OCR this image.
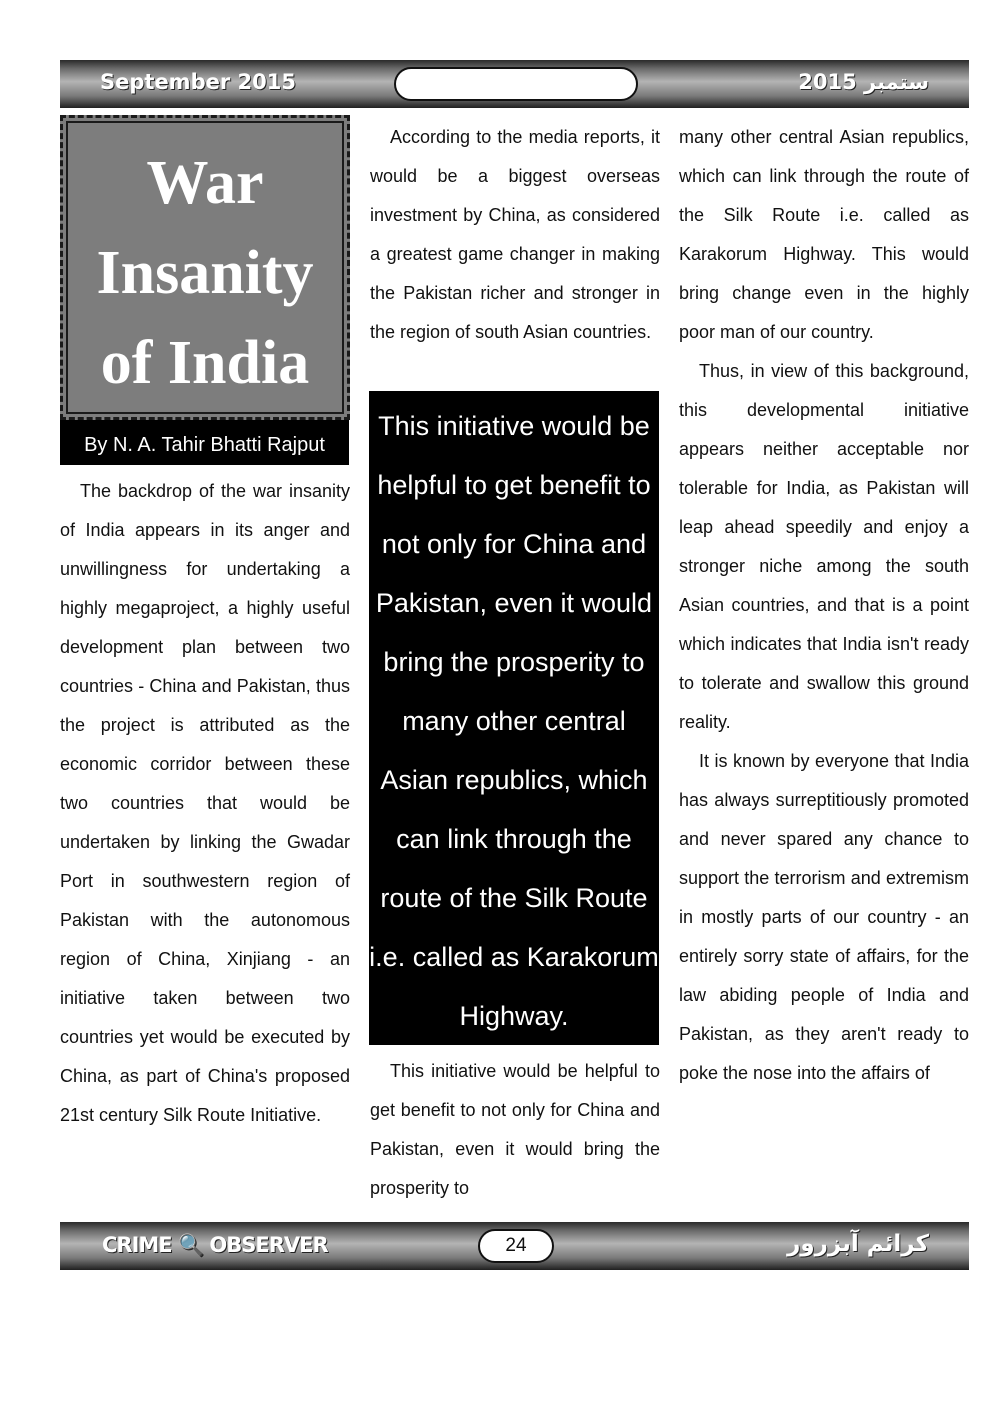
September 2015	2015 ستمبر
War
Insanity
of India
By N. A. Tahir Bhatti Rajput

The backdrop of the war insanity of India appears in its anger and unwillingness for undertaking a highly megaproject, a highly useful development plan between two countries - China and Pakistan, thus the project is attributed as the economic corridor between these two countries that would be undertaken by linking the Gwadar Port in southwestern region of Pakistan with the autonomous region of China, Xinjiang - an initiative taken between two countries yet would be executed by China, as part of China's proposed 21st century Silk Route Initiative.

According to the media reports, it would be a biggest overseas investment by China, as considered a greatest game changer in making the Pakistan richer and stronger in the region of south Asian countries.

This initiative would be helpful to get benefit to not only for China and Pakistan, even it would bring the prosperity to many other central Asian republics, which can link through the route of the Silk Route i.e. called as Karakorum Highway.

This initiative would be helpful to get benefit to not only for China and Pakistan, even it would bring the prosperity to

many other central Asian republics, which can link through the route of the Silk Route i.e. called as Karakorum Highway. This would bring change even in the highly poor man of our country.

Thus, in view of this background, this developmental initiative appears neither acceptable nor tolerable for India, as Pakistan will leap ahead speedily and enjoy a stronger niche among the south Asian countries, and that is a point which indicates that India isn't ready to tolerate and swallow this ground reality.

It is known by everyone that India has always surreptitiously promoted and never spared any chance to support the terrorism and extremism in mostly parts of our country - an entirely sorry state of affairs, for the law abiding people of India and Pakistan, as they aren't ready to poke the nose into the affairs of

CRIME 🔍 OBSERVER	24	کرائم آبزرور
